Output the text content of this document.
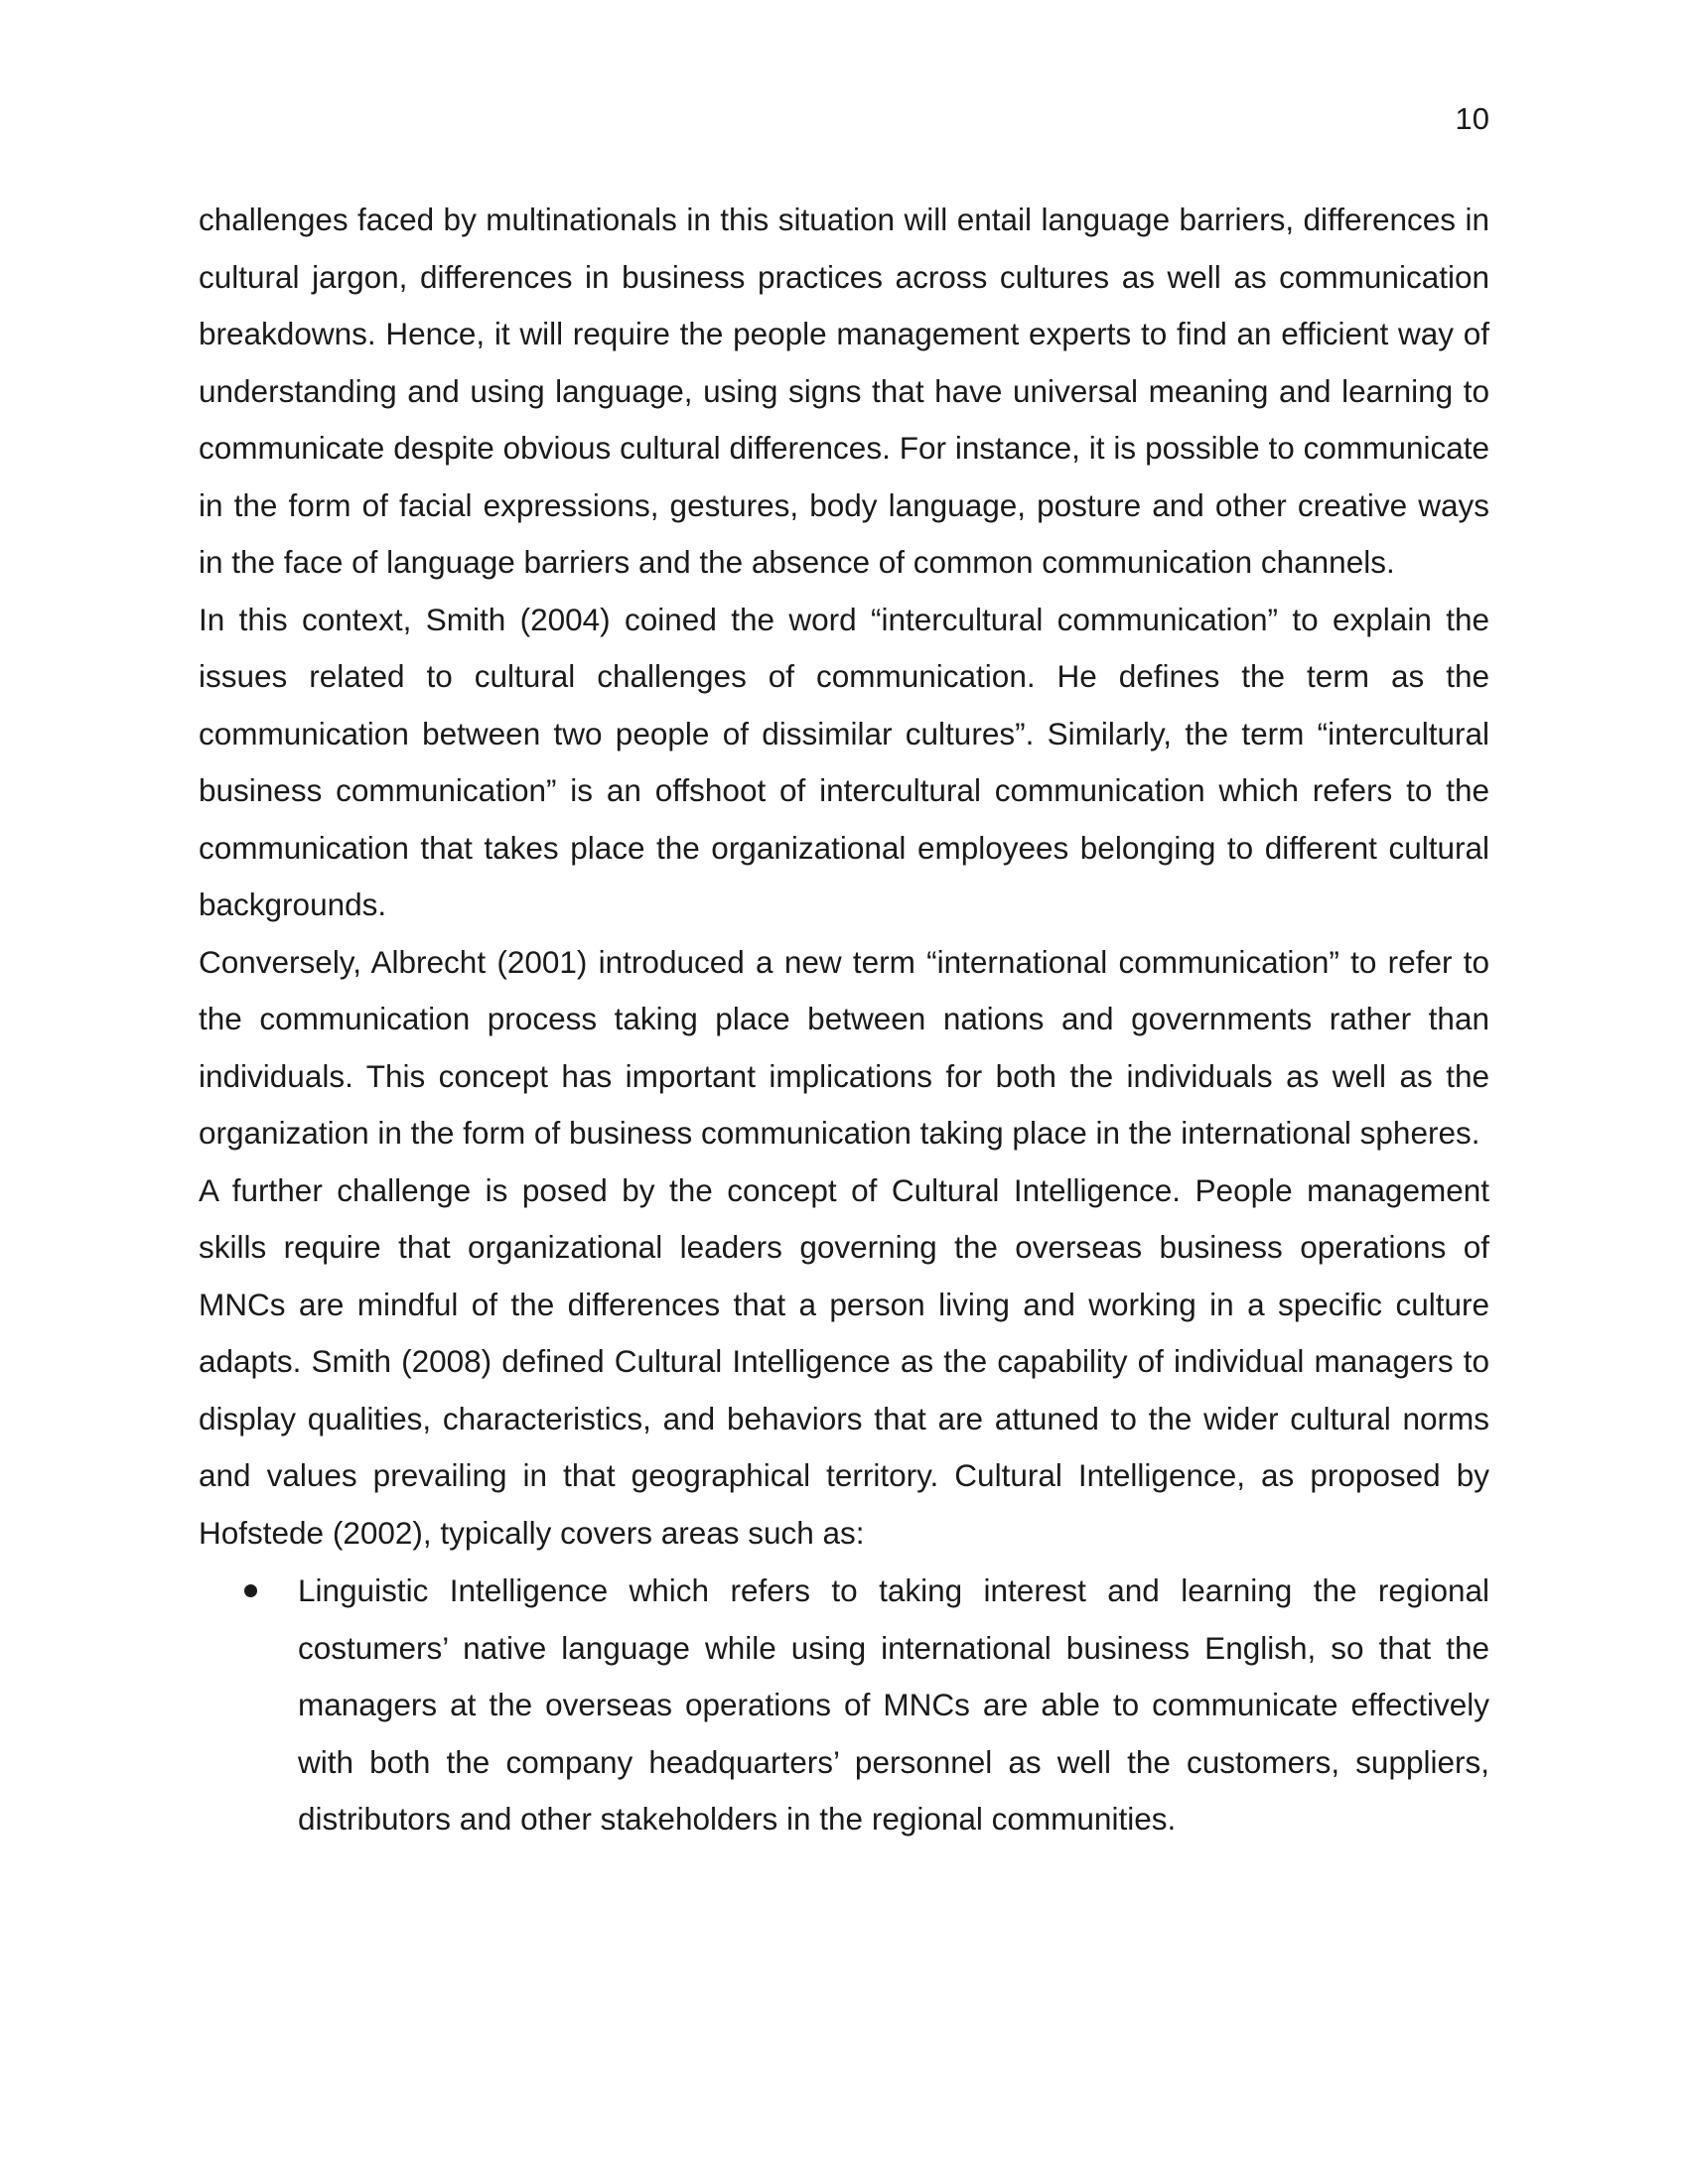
10

challenges faced by multinationals in this situation will entail language barriers, differences in cultural jargon, differences in business practices across cultures as well as communication breakdowns. Hence, it will require the people management experts to find an efficient way of understanding and using language, using signs that have universal meaning and learning to communicate despite obvious cultural differences. For instance, it is possible to communicate in the form of facial expressions, gestures, body language, posture and other creative ways in the face of language barriers and the absence of common communication channels.

In this context, Smith (2004) coined the word “intercultural communication” to explain the issues related to cultural challenges of communication. He defines the term as the communication between two people of dissimilar cultures”. Similarly, the term “intercultural business communication” is an offshoot of intercultural communication which refers to the communication that takes place the organizational employees belonging to different cultural backgrounds.

Conversely, Albrecht (2001) introduced a new term “international communication” to refer to the communication process taking place between nations and governments rather than individuals. This concept has important implications for both the individuals as well as the organization in the form of business communication taking place in the international spheres.

A further challenge is posed by the concept of Cultural Intelligence. People management skills require that organizational leaders governing the overseas business operations of MNCs are mindful of the differences that a person living and working in a specific culture adapts. Smith (2008) defined Cultural Intelligence as the capability of individual managers to display qualities, characteristics, and behaviors that are attuned to the wider cultural norms and values prevailing in that geographical territory. Cultural Intelligence, as proposed by Hofstede (2002), typically covers areas such as:

Linguistic Intelligence which refers to taking interest and learning the regional costumers’ native language while using international business English, so that the managers at the overseas operations of MNCs are able to communicate effectively with both the company headquarters’ personnel as well the customers, suppliers, distributors and other stakeholders in the regional communities.
